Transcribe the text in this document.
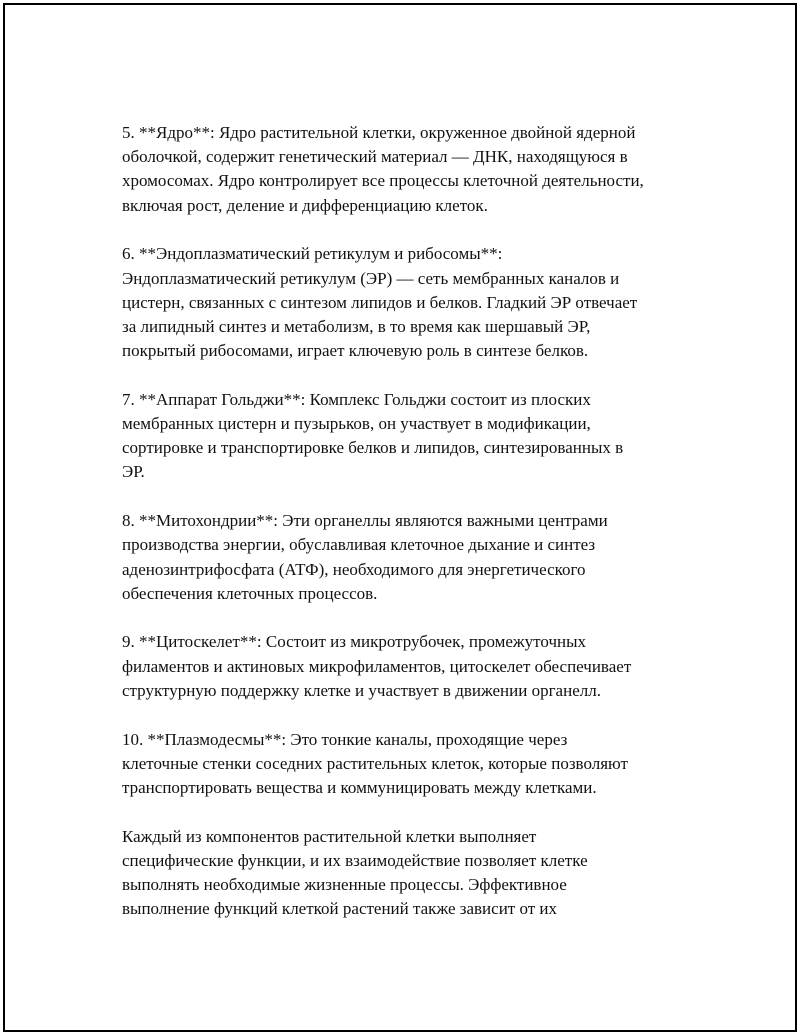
5. **Ядро**: Ядро растительной клетки, окруженное двойной ядерной
оболочкой, содержит генетический материал — ДНК, находящуюся в
хромосомах. Ядро контролирует все процессы клеточной деятельности,
включая рост, деление и дифференциацию клеток.

6. **Эндоплазматический ретикулум и рибосомы**:
Эндоплазматический ретикулум (ЭР) — сеть мембранных каналов и
цистерн, связанных с синтезом липидов и белков. Гладкий ЭР отвечает
за липидный синтез и метаболизм, в то время как шершавый ЭР,
покрытый рибосомами, играет ключевую роль в синтезе белков.

7. **Аппарат Гольджи**: Комплекс Гольджи состоит из плоских
мембранных цистерн и пузырьков, он участвует в модификации,
сортировке и транспортировке белков и липидов, синтезированных в
ЭР.

8. **Митохондрии**: Эти органеллы являются важными центрами
производства энергии, обуславливая клеточное дыхание и синтез
аденозинтрифосфата (АТФ), необходимого для энергетического
обеспечения клеточных процессов.

9. **Цитоскелет**: Состоит из микротрубочек, промежуточных
филаментов и актиновых микрофиламентов, цитоскелет обеспечивает
структурную поддержку клетке и участвует в движении органелл.

10. **Плазмодесмы**: Это тонкие каналы, проходящие через
клеточные стенки соседних растительных клеток, которые позволяют
транспортировать вещества и коммуницировать между клетками.

Каждый из компонентов растительной клетки выполняет
специфические функции, и их взаимодействие позволяет клетке
выполнять необходимые жизненные процессы. Эффективное
выполнение функций клеткой растений также зависит от их
